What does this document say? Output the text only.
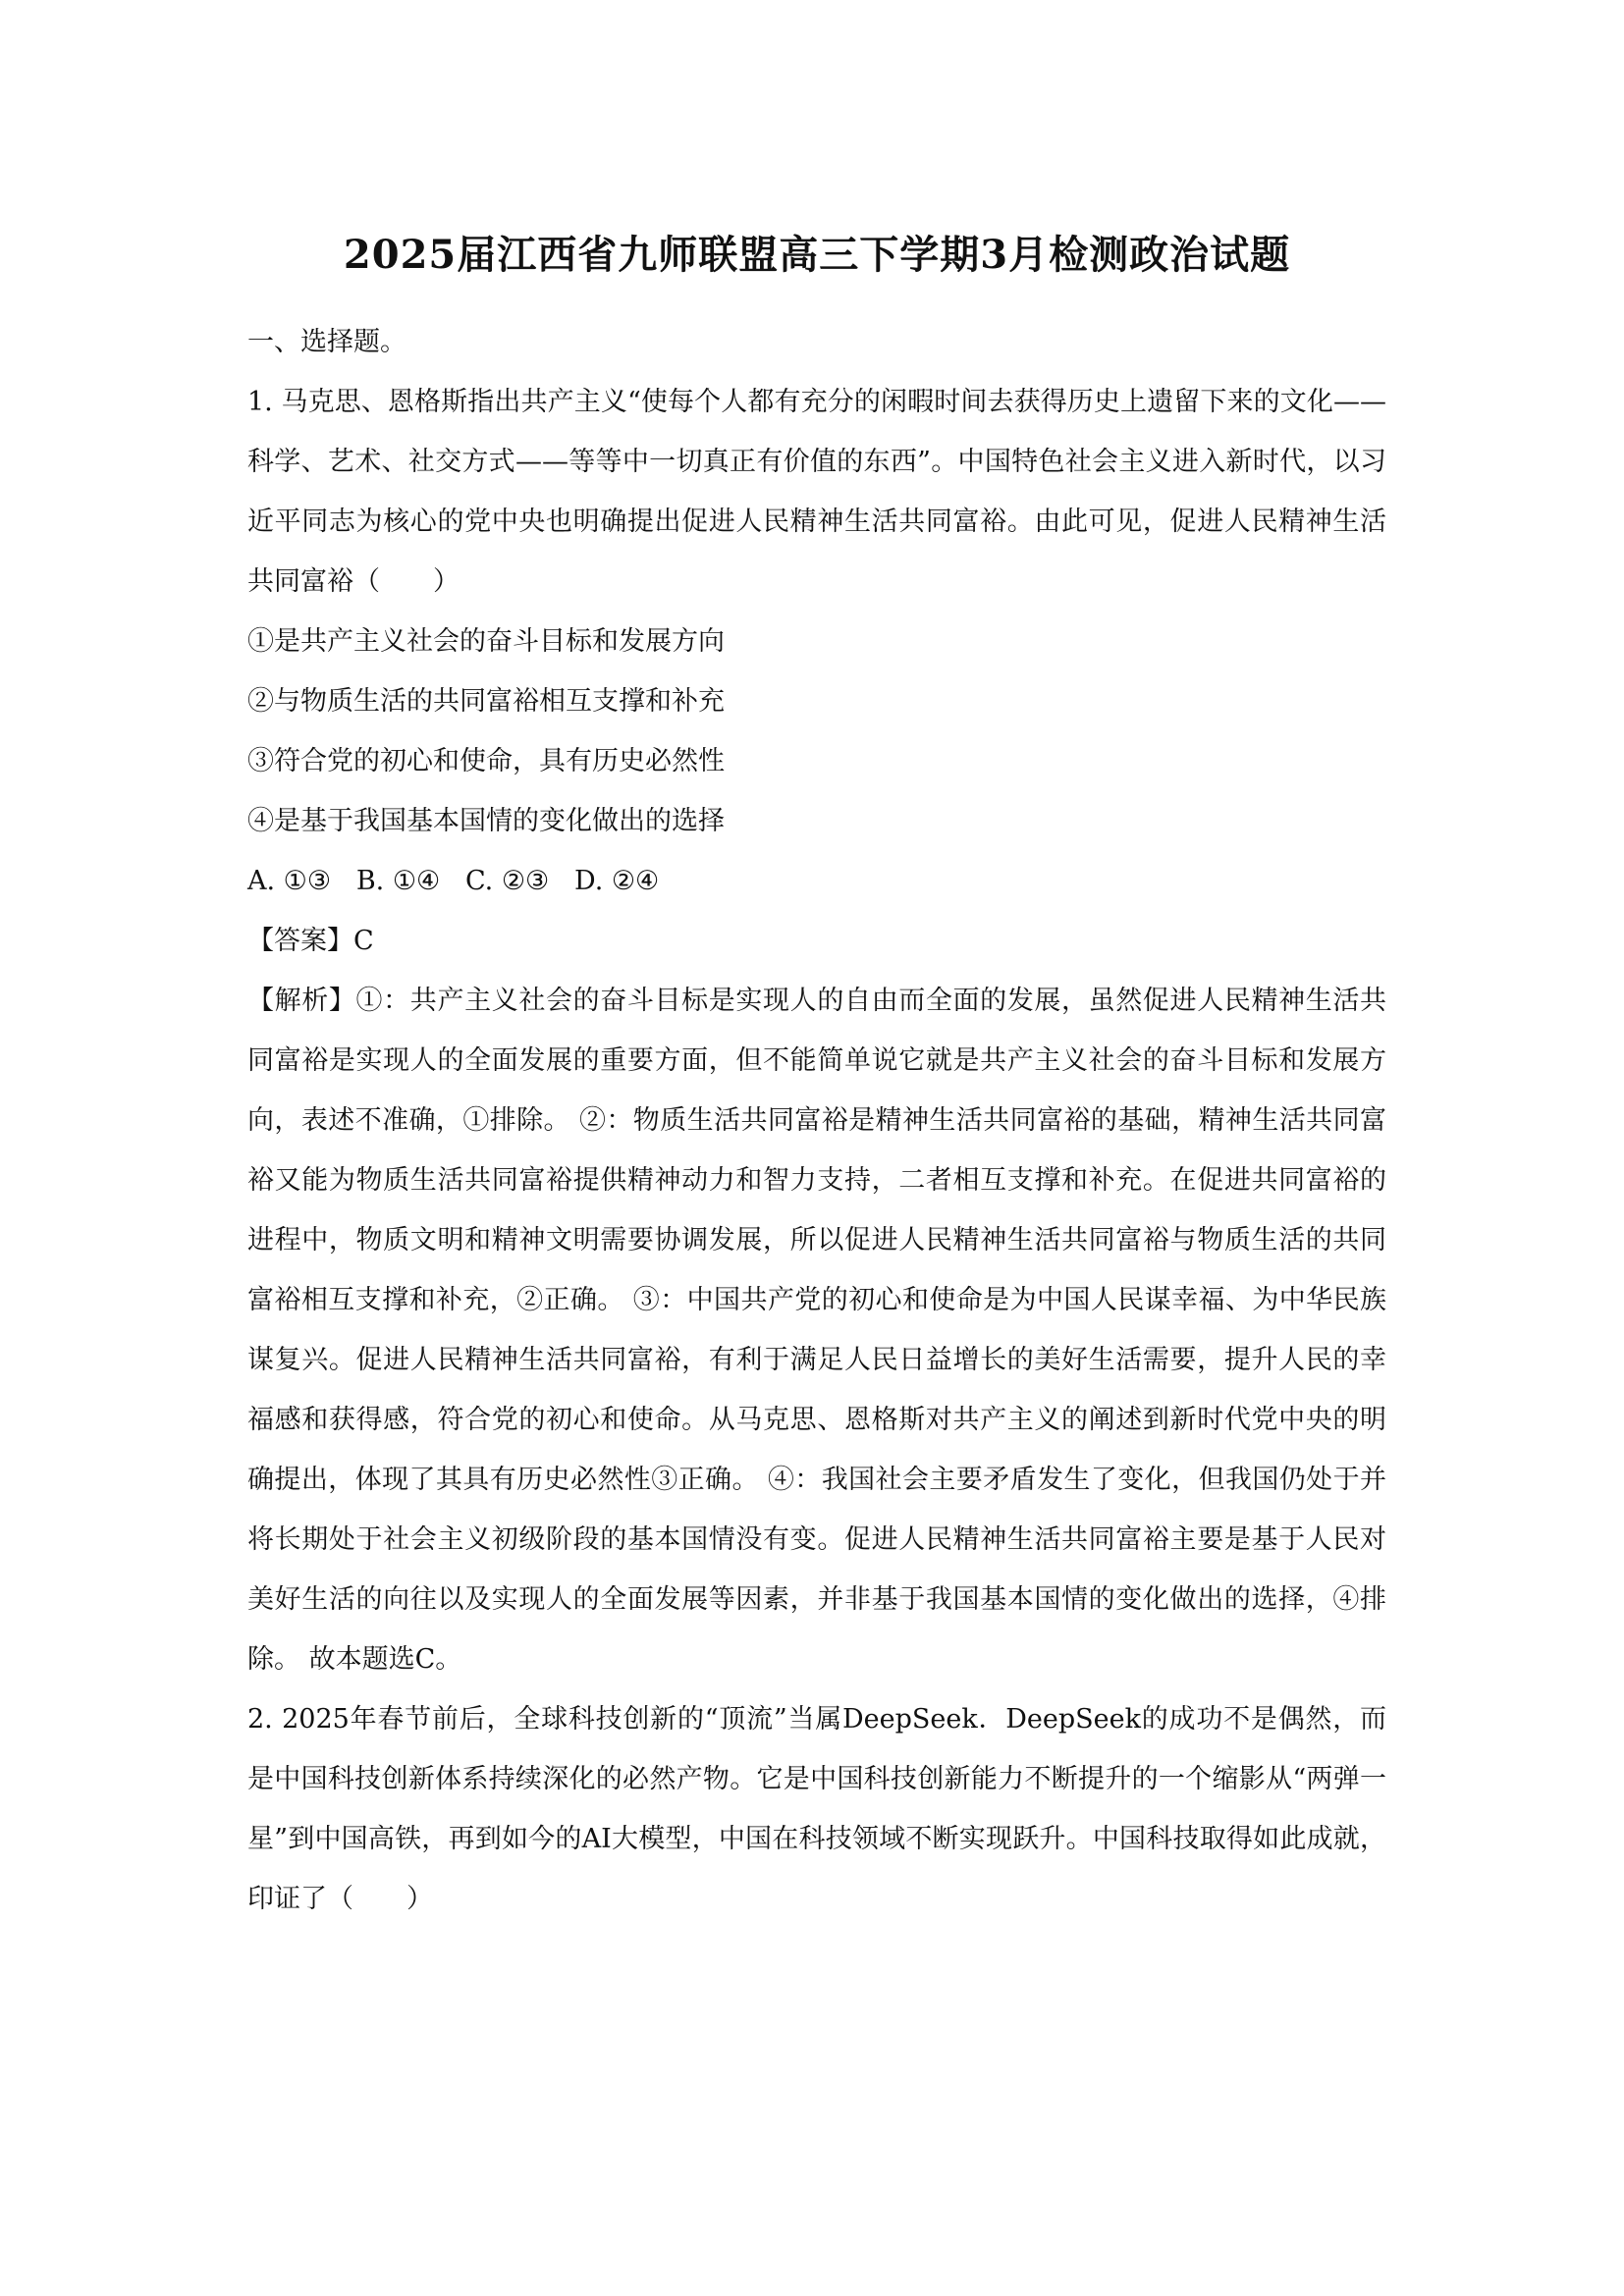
2025届江西省九师联盟高三下学期3月检测政治试题
一、选择题。

1. 马克思、恩格斯指出共产主义“使每个人都有充分的闲暇时间去获得历史上遗留下来的文化——科学、艺术、社交方式——等等中一切真正有价值的东西”。中国特色社会主义进入新时代，以习近平同志为核心的党中央也明确提出促进人民精神生活共同富裕。由此可见，促进人民精神生活共同富裕（　　）

①是共产主义社会的奋斗目标和发展方向
②与物质生活的共同富裕相互支撑和补充
③符合党的初心和使命，具有历史必然性
④是基于我国基本国情的变化做出的选择
A. ①③   B. ①④   C. ②③   D. ②④
【答案】C

【解析】①：共产主义社会的奋斗目标是实现人的自由而全面的发展，虽然促进人民精神生活共同富裕是实现人的全面发展的重要方面，但不能简单说它就是共产主义社会的奋斗目标和发展方向，表述不准确，①排除。 ②：物质生活共同富裕是精神生活共同富裕的基础，精神生活共同富裕又能为物质生活共同富裕提供精神动力和智力支持，二者相互支撑和补充。在促进共同富裕的进程中，物质文明和精神文明需要协调发展，所以促进人民精神生活共同富裕与物质生活的共同富裕相互支撑和补充，②正确。 ③：中国共产党的初心和使命是为中国人民谋幸福、为中华民族谋复兴。促进人民精神生活共同富裕，有利于满足人民日益增长的美好生活需要，提升人民的幸福感和获得感，符合党的初心和使命。从马克思、恩格斯对共产主义的阐述到新时代党中央的明确提出，体现了其具有历史必然性③正确。 ④：我国社会主要矛盾发生了变化，但我国仍处于并将长期处于社会主义初级阶段的基本国情没有变。促进人民精神生活共同富裕主要是基于人民对美好生活的向往以及实现人的全面发展等因素，并非基于我国基本国情的变化做出的选择，④排除。 故本题选C。

2. 2025年春节前后，全球科技创新的“顶流”当属DeepSeek．DeepSeek的成功不是偶然，而是中国科技创新体系持续深化的必然产物。它是中国科技创新能力不断提升的一个缩影从“两弹一星”到中国高铁，再到如今的AI大模型，中国在科技领域不断实现跃升。中国科技取得如此成就，印证了（　　）
